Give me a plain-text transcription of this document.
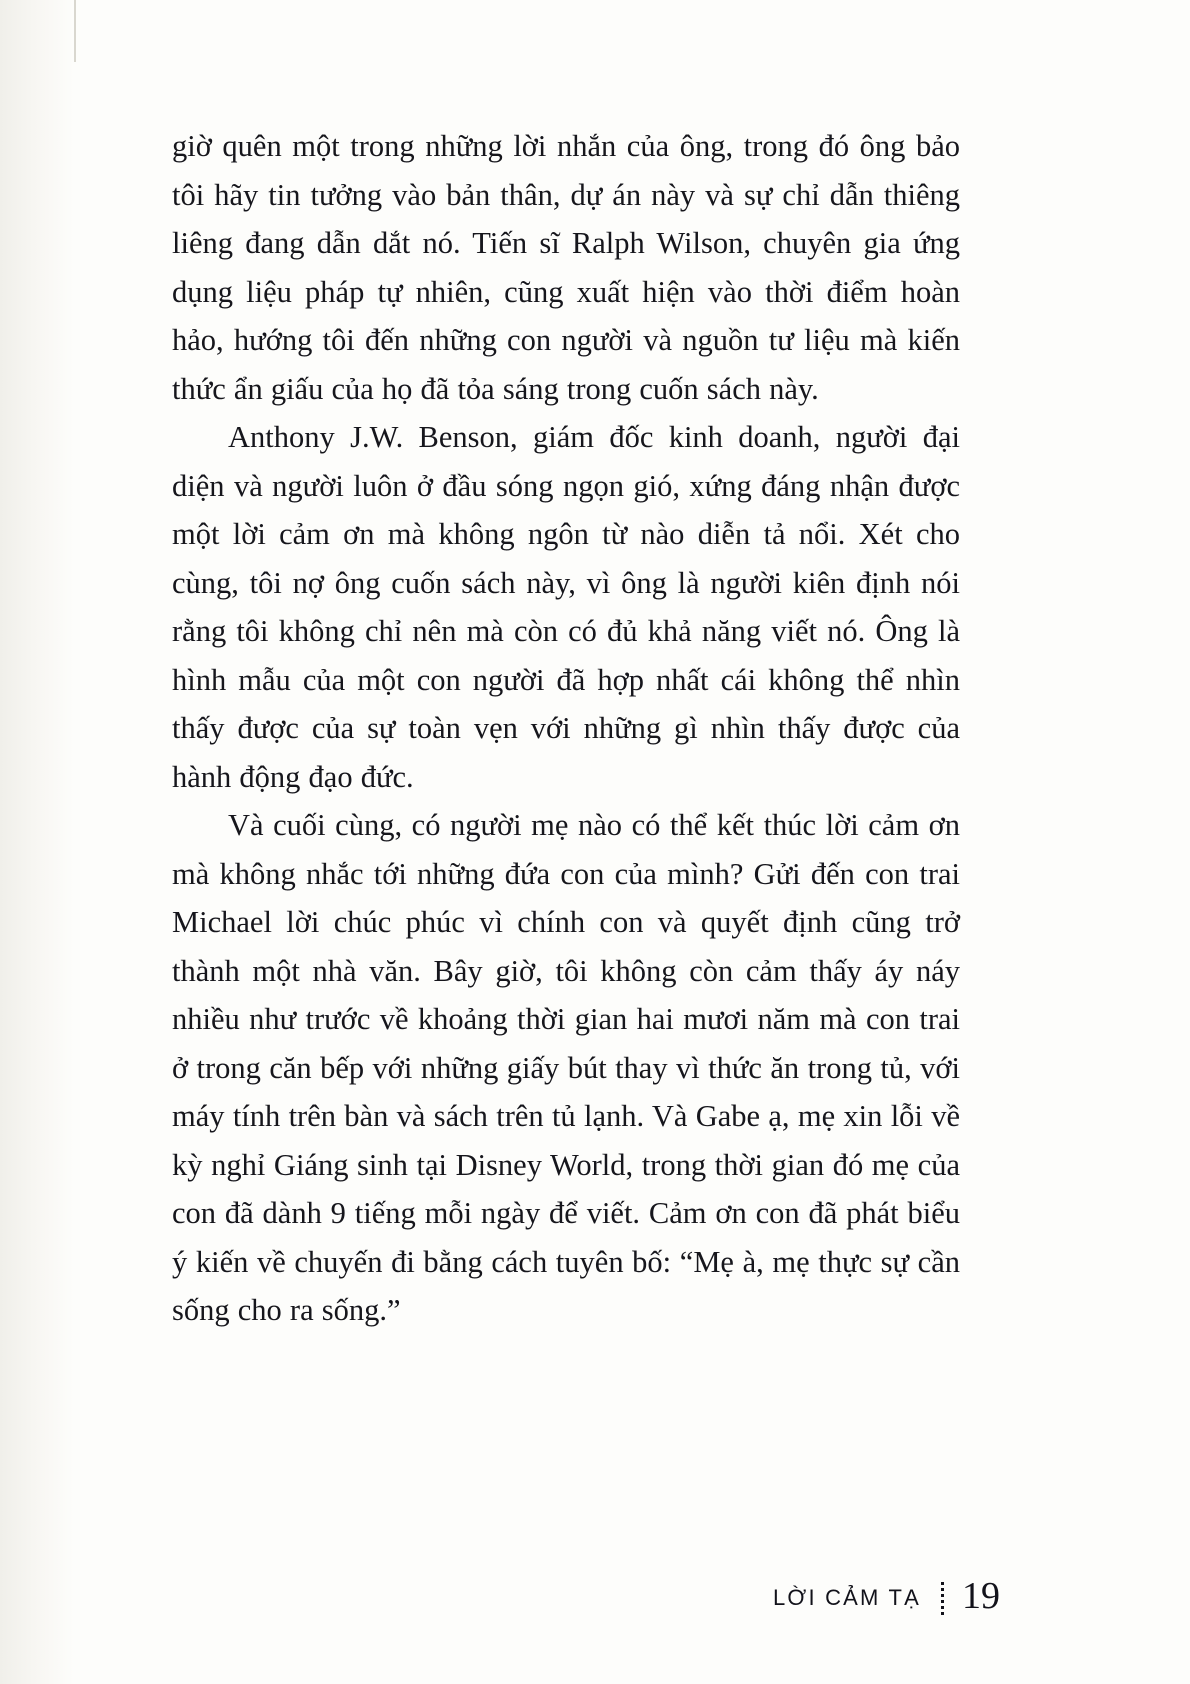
giờ quên một trong những lời nhắn của ông, trong đó ông bảo tôi hãy tin tưởng vào bản thân, dự án này và sự chỉ dẫn thiêng liêng đang dẫn dắt nó. Tiến sĩ Ralph Wilson, chuyên gia ứng dụng liệu pháp tự nhiên, cũng xuất hiện vào thời điểm hoàn hảo, hướng tôi đến những con người và nguồn tư liệu mà kiến thức ẩn giấu của họ đã tỏa sáng trong cuốn sách này.

Anthony J.W. Benson, giám đốc kinh doanh, người đại diện và người luôn ở đầu sóng ngọn gió, xứng đáng nhận được một lời cảm ơn mà không ngôn từ nào diễn tả nổi. Xét cho cùng, tôi nợ ông cuốn sách này, vì ông là người kiên định nói rằng tôi không chỉ nên mà còn có đủ khả năng viết nó. Ông là hình mẫu của một con người đã hợp nhất cái không thể nhìn thấy được của sự toàn vẹn với những gì nhìn thấy được của hành động đạo đức.

Và cuối cùng, có người mẹ nào có thể kết thúc lời cảm ơn mà không nhắc tới những đứa con của mình? Gửi đến con trai Michael lời chúc phúc vì chính con và quyết định cũng trở thành một nhà văn. Bây giờ, tôi không còn cảm thấy áy náy nhiều như trước về khoảng thời gian hai mươi năm mà con trai ở trong căn bếp với những giấy bút thay vì thức ăn trong tủ, với máy tính trên bàn và sách trên tủ lạnh. Và Gabe ạ, mẹ xin lỗi về kỳ nghỉ Giáng sinh tại Disney World, trong thời gian đó mẹ của con đã dành 9 tiếng mỗi ngày để viết. Cảm ơn con đã phát biểu ý kiến về chuyến đi bằng cách tuyên bố: “Mẹ à, mẹ thực sự cần sống cho ra sống.”

LỜI CẢM TẠ 19
